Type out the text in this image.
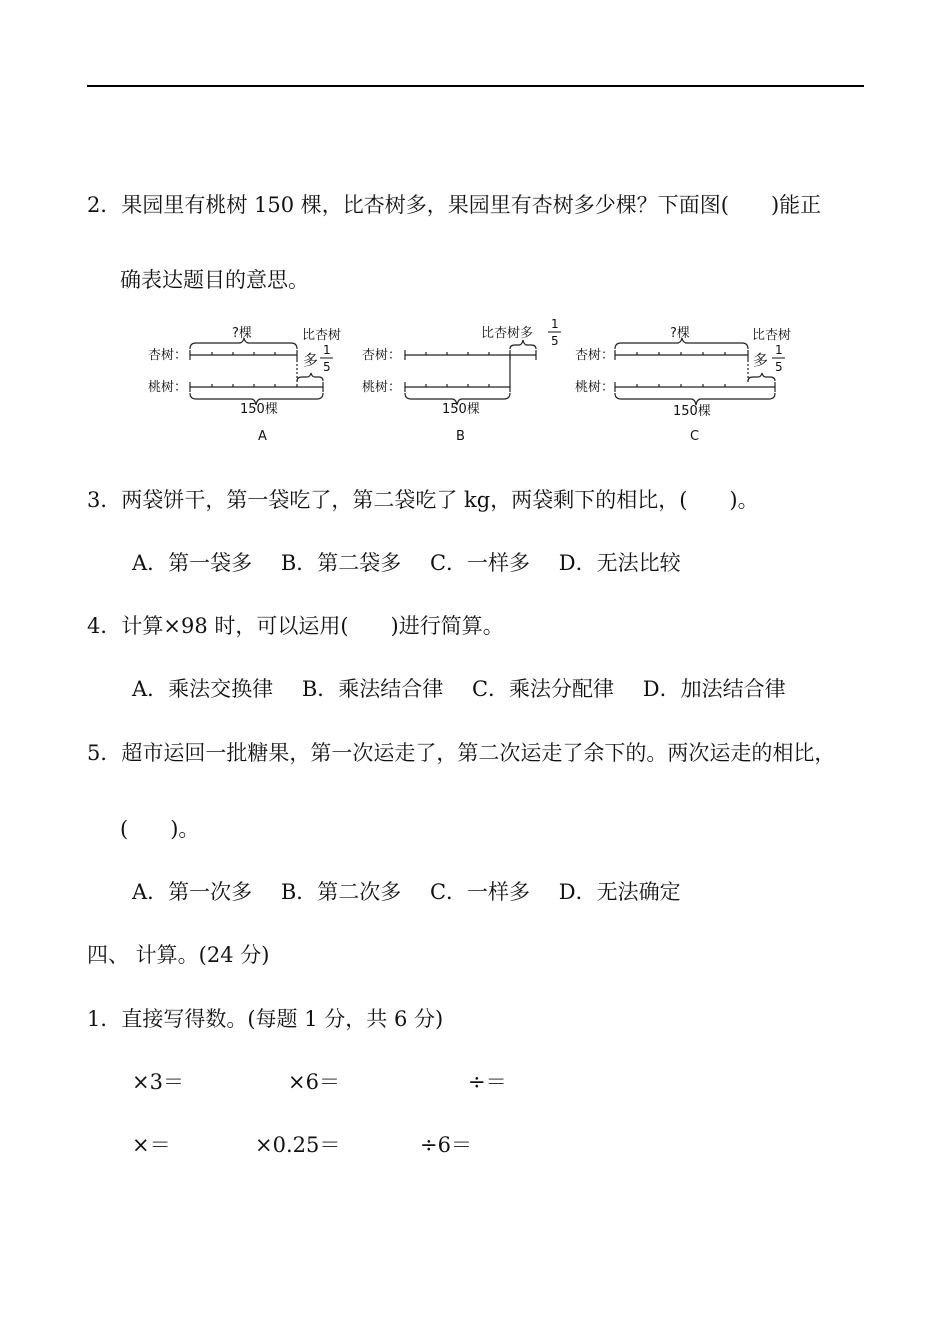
2．果园里有桃树 150 棵，比杏树多，果园里有杏树多少棵？下面图(　　)能正
确表达题目的意思。
杏树：
桃树：
?棵	比杏树
多
1
5
150棵
A
杏树：
桃树：
比杏树多
1
5
150棵
B
杏树：
桃树：
?棵	比杏树
多
1
5
150棵
C
3．两袋饼干，第一袋吃了，第二袋吃了 kg，两袋剩下的相比，(　　)。
A．第一袋多 B．第二袋多 C．一样多 D．无法比较
4．计算×98 时，可以运用(　　)进行简算。
A．乘法交换律 B．乘法结合律 C．乘法分配律 D．加法结合律
5．超市运回一批糖果，第一次运走了，第二次运走了余下的。两次运走的相比，
(　　)。
A．第一次多 B．第二次多 C．一样多 D．无法确定
四、 计算。(24 分)
1．直接写得数。(每题 1 分，共 6 分)
×3＝	×6＝	÷＝
×＝	×0.25＝	÷6＝
